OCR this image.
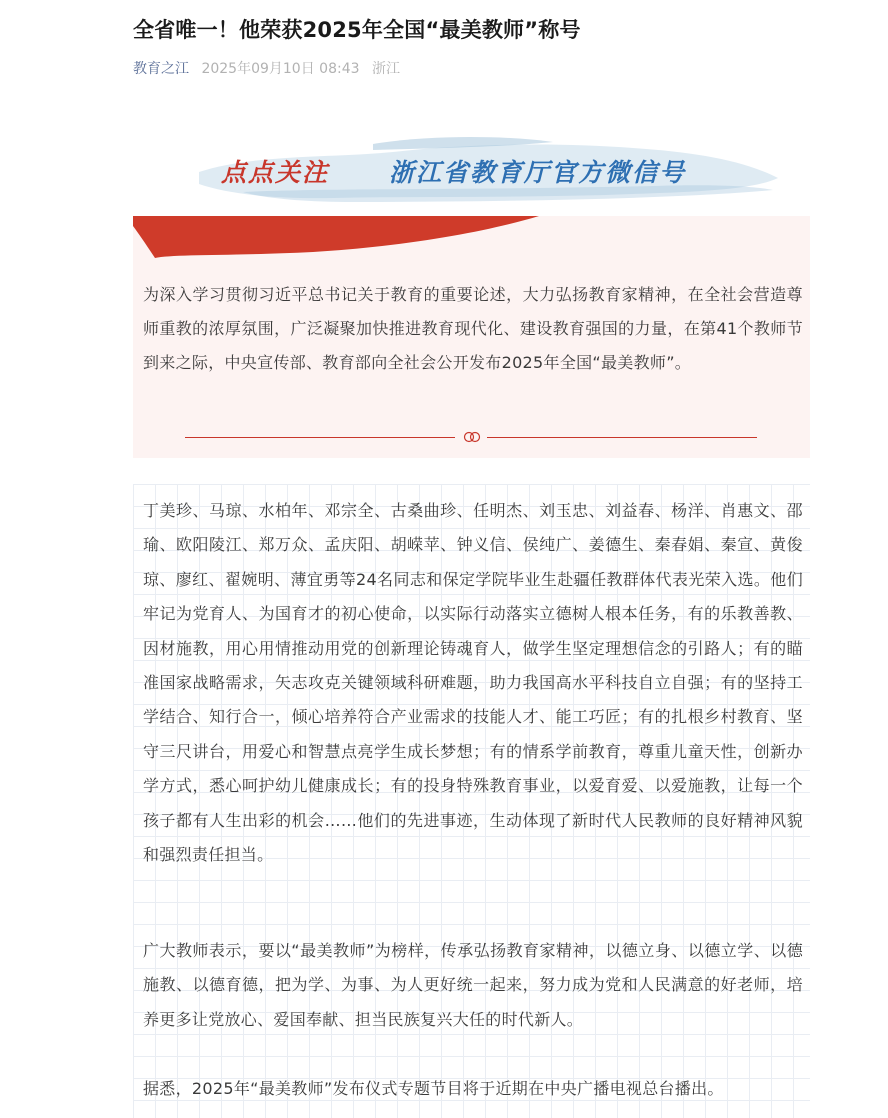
全省唯一！他荣获2025年全国“最美教师”称号
教育之江 2025年09月10日 08:43 浙江
点点关注 浙江省教育厅官方微信号

为深入学习贯彻习近平总书记关于教育的重要论述，大力弘扬教育家精神，在全社会营造尊师重教的浓厚氛围，广泛凝聚加快推进教育现代化、建设教育强国的力量，在第41个教师节到来之际，中央宣传部、教育部向全社会公开发布2025年全国“最美教师”。

丁美珍、马琼、水柏年、邓宗全、古桑曲珍、任明杰、刘玉忠、刘益春、杨洋、肖惠文、邵瑜、欧阳陵江、郑万众、孟庆阳、胡嵘苹、钟义信、侯纯广、姜德生、秦春娟、秦宣、黄俊琼、廖红、翟婉明、薄宜勇等24名同志和保定学院毕业生赴疆任教群体代表光荣入选。他们牢记为党育人、为国育才的初心使命，以实际行动落实立德树人根本任务，有的乐教善教、因材施教，用心用情推动用党的创新理论铸魂育人，做学生坚定理想信念的引路人；有的瞄准国家战略需求，矢志攻克关键领域科研难题，助力我国高水平科技自立自强；有的坚持工学结合、知行合一，倾心培养符合产业需求的技能人才、能工巧匠；有的扎根乡村教育、坚守三尺讲台，用爱心和智慧点亮学生成长梦想；有的情系学前教育，尊重儿童天性，创新办学方式，悉心呵护幼儿健康成长；有的投身特殊教育事业，以爱育爱、以爱施教，让每一个孩子都有人生出彩的机会……他们的先进事迹，生动体现了新时代人民教师的良好精神风貌和强烈责任担当。

广大教师表示，要以“最美教师”为榜样，传承弘扬教育家精神，以德立身、以德立学、以德施教、以德育德，把为学、为事、为人更好统一起来，努力成为党和人民满意的好老师，培养更多让党放心、爱国奉献、担当民族复兴大任的时代新人。

据悉，2025年“最美教师”发布仪式专题节目将于近期在中央广播电视总台播出。
